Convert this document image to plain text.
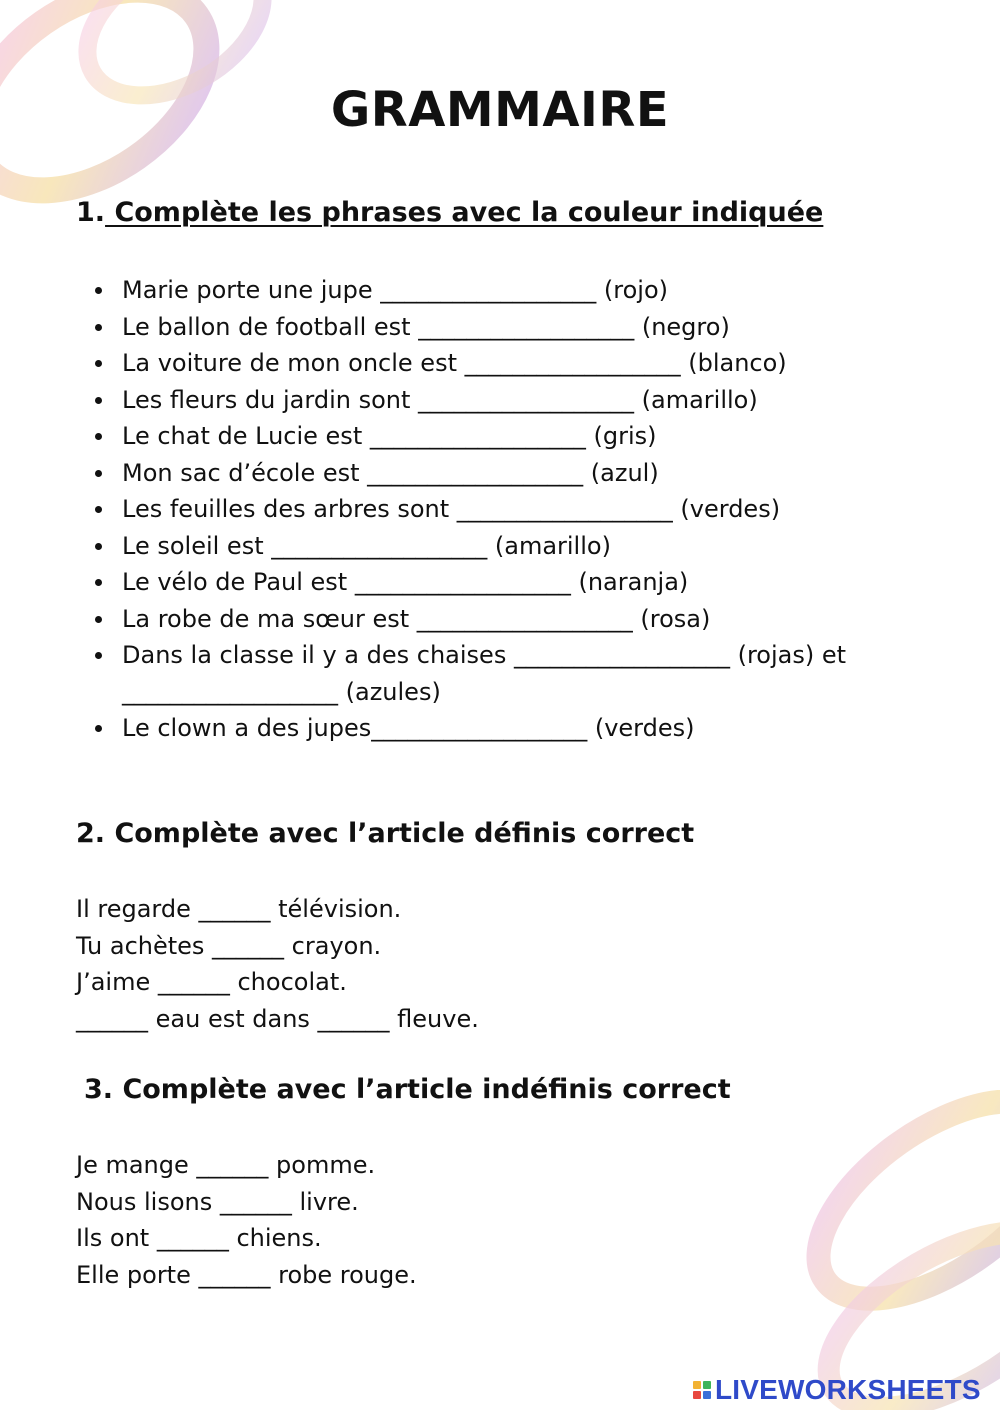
GRAMMAIRE
1. Complète les phrases avec la couleur indiquée
Marie porte une jupe __________________ (rojo)
Le ballon de football est __________________ (negro)
La voiture de mon oncle est __________________ (blanco)
Les fleurs du jardin sont __________________ (amarillo)
Le chat de Lucie est __________________ (gris)
Mon sac d’école est __________________ (azul)
Les feuilles des arbres sont __________________ (verdes)
Le soleil est __________________ (amarillo)
Le vélo de Paul est __________________ (naranja)
La robe de ma sœur est __________________ (rosa)
Dans la classe il y a des chaises __________________ (rojas) et __________________ (azules)
Le clown a des jupes__________________ (verdes)
2. Complète avec l’article définis correct
Il regarde ______ télévision.
Tu achètes ______ crayon.
J’aime ______ chocolat.
______ eau est dans ______ fleuve.
3. Complète avec l’article indéfinis correct
Je mange ______ pomme.
Nous lisons ______ livre.
Ils ont ______ chiens.
Elle porte ______ robe rouge.
LIVEWORKSHEETS
